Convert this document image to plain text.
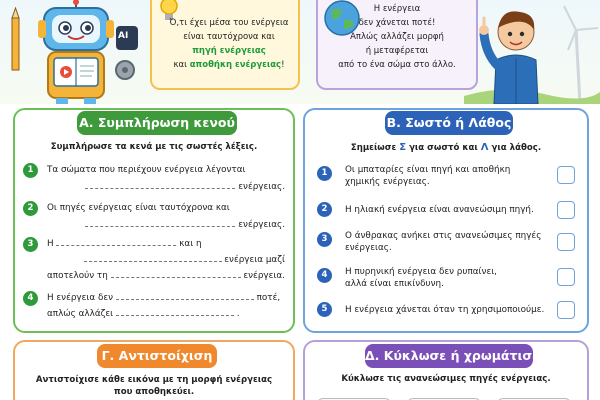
AI
Ό,τι έχει μέσα του ενέργεια
είναι ταυτόχρονα και
πηγή ενέργειας
και αποθήκη ενέργειας!
Η ενέργεια
δεν χάνεται ποτέ!
Απλώς αλλάζει μορφή
ή μεταφέρεται
από το ένα σώμα στο άλλο.
Α. Συμπλήρωση κενού
Συμπλήρωσε τα κενά με τις σωστές λέξεις.
1	Τα σώματα που περιέχουν ενέργεια λέγονται
ενέργειας.
2	Οι πηγές ενέργειας είναι ταυτόχρονα και
ενέργειας.
3	Η	και η
ενέργεια μαζί
αποτελούν τη	ενέργεια.
4	Η ενέργεια δεν	ποτέ,
απλώς αλλάζει	.
Β. Σωστό ή Λάθος
Σημείωσε Σ για σωστό και Λ για λάθος.
1	Οι μπαταρίες είναι πηγή και αποθήκη
χημικής ενέργειας.
2	Η ηλιακή ενέργεια είναι ανανεώσιμη πηγή.
3	Ο άνθρακας ανήκει στις ανανεώσιμες πηγές
ενέργειας.
4	Η πυρηνική ενέργεια δεν ρυπαίνει,
αλλά είναι επικίνδυνη.
5	Η ενέργεια χάνεται όταν τη χρησιμοποιούμε.
Γ. Αντιστοίχιση
Αντιστοίχισε κάθε εικόνα με τη μορφή ενέργειας
που αποθηκεύει.
Δ. Κύκλωσε ή χρωμάτισε
Κύκλωσε τις ανανεώσιμες πηγές ενέργειας.
